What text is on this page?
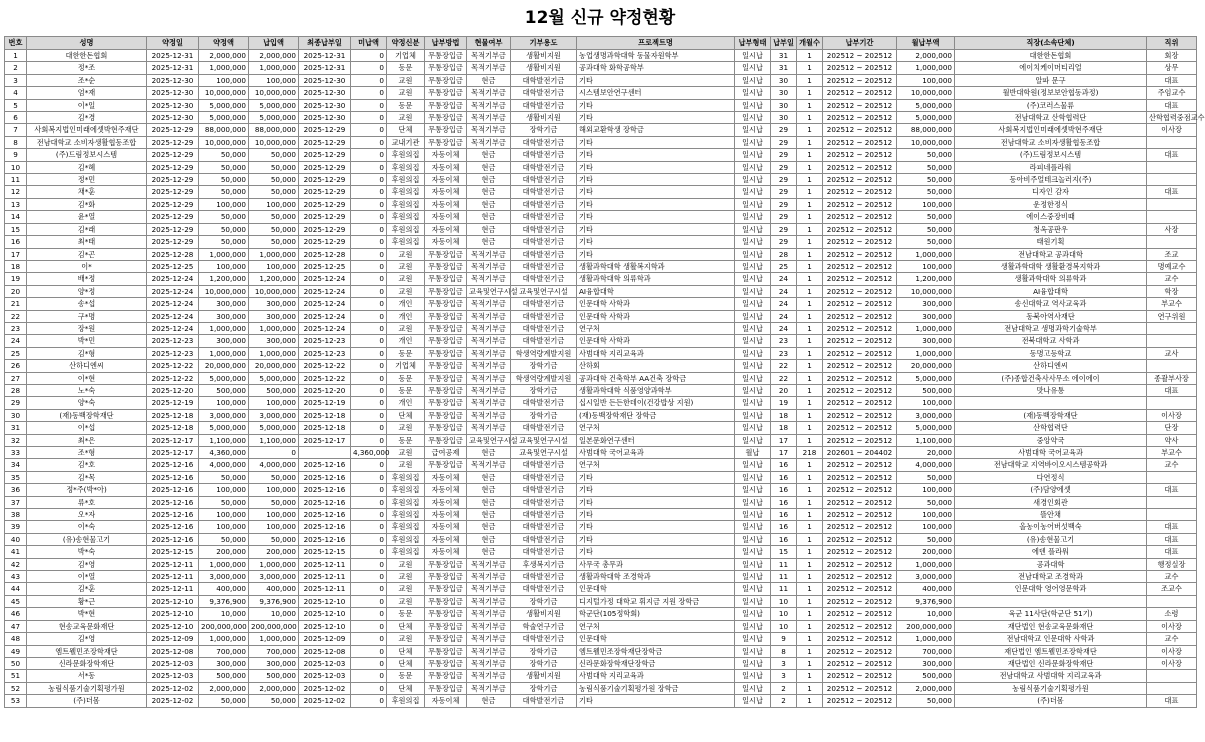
12월 신규 약정현황
번호	성명	약정일	약정액	납입액	최종납부일	미납액	약정신분	납부방법	현물여부	기부용도	프로젝트명	납부형태	납부일	개월수	납부기간	월납부액	직장(소속단체)	직위
1	대한한돈협회	2025-12-31	2,000,000	2,000,000	2025-12-31	0	기업체	무통장입금	목적기부금	생활비지원	농업생명과학대학 동물자원학부	일시납	31	1	202512 ~ 202512	2,000,000	대한한돈협회	회장
2	정*조	2025-12-31	1,000,000	1,000,000	2025-12-31	0	동문	무통장입금	목적기부금	생활비지원	공과대학 화학공학부	일시납	31	1	202512 ~ 202512	1,000,000	에이치케이머티리얼	상무
3	조*순	2025-12-30	100,000	100,000	2025-12-30	0	교원	무통장입금	현금	대학발전기금	기타	일시납	30	1	202512 ~ 202512	100,000	알파 문구	대표
4	엄*재	2025-12-30	10,000,000	10,000,000	2025-12-30	0	교원	무통장입금	목적기부금	대학발전기금	시스템보안연구센터	일시납	30	1	202512 ~ 202512	10,000,000	월반대학원(정보보안협동과정)	주임교수
5	이*일	2025-12-30	5,000,000	5,000,000	2025-12-30	0	동문	무통장입금	목적기부금	대학발전기금	기타	일시납	30	1	202512 ~ 202512	5,000,000	(주)코러스물류	대표
6	김*경	2025-12-30	5,000,000	5,000,000	2025-12-30	0	교원	무통장입금	목적기부금	생활비지원	기타	일시납	30	1	202512 ~ 202512	5,000,000	전남대학교 산학협력단	산학협력중점교수
7	사회복지법인미래에셋박현주재단	2025-12-29	88,000,000	88,000,000	2025-12-29	0	단체	무통장입금	목적기부금	장학기금	해외교환학생 장학금	일시납	29	1	202512 ~ 202512	88,000,000	사회복지법인미래에셋박현주재단	이사장
8	전남대학교 소비자생활협동조합	2025-12-29	10,000,000	10,000,000	2025-12-29	0	교내기관	무통장입금	목적기부금	대학발전기금	기타	일시납	29	1	202512 ~ 202512	10,000,000	전남대학교 소비자생활협동조합	
9	(주)드림정보시스템	2025-12-29	50,000	50,000	2025-12-29	0	후원의집	자동이체	현금	대학발전기금	기타	일시납	29	1	202512 ~ 202512	50,000	(주)드림정보시스템	대표
10	김*혜	2025-12-29	50,000	50,000	2025-12-29	0	후원의집	자동이체	현금	대학발전기금	기타	일시납	29	1	202512 ~ 202512	50,000	라피네플라워	
11	정*민	2025-12-29	50,000	50,000	2025-12-29	0	후원의집	자동이체	현금	대학발전기금	기타	일시납	29	1	202512 ~ 202512	50,000	동아비주얼테크놀러지(주)	
12	채*훈	2025-12-29	50,000	50,000	2025-12-29	0	후원의집	자동이체	현금	대학발전기금	기타	일시납	29	1	202512 ~ 202512	50,000	디자인 감자	대표
13	김*화	2025-12-29	100,000	100,000	2025-12-29	0	후원의집	자동이체	현금	대학발전기금	기타	일시납	29	1	202512 ~ 202512	100,000	운정한정식	
14	윤*열	2025-12-29	50,000	50,000	2025-12-29	0	후원의집	자동이체	현금	대학발전기금	기타	일시납	29	1	202512 ~ 202512	50,000	에이스중장비때	
15	김*래	2025-12-29	50,000	50,000	2025-12-29	0	후원의집	자동이체	현금	대학발전기금	기타	일시납	29	1	202512 ~ 202512	50,000	청옥공판우	사장
16	최*태	2025-12-29	50,000	50,000	2025-12-29	0	후원의집	자동이체	현금	대학발전기금	기타	일시납	29	1	202512 ~ 202512	50,000	태원기획	
17	김*곤	2025-12-28	1,000,000	1,000,000	2025-12-28	0	교원	무통장입금	목적기부금	대학발전기금	기타	일시납	28	1	202512 ~ 202512	1,000,000	전남대학교 공과대학	조교
18	이*	2025-12-25	100,000	100,000	2025-12-25	0	교원	무통장입금	목적기부금	대학발전기금	생활과학대학 생활복지학과	일시납	25	1	202512 ~ 202512	100,000	생활과학대학 생활환경복지학과	명예교수
19	배*정	2025-12-24	1,200,000	1,200,000	2025-12-24	0	교원	무통장입금	목적기부금	대학발전기금	생활과학대학 의류학과	일시납	24	1	202512 ~ 202512	1,200,000	생활과학대학 의류학과	교수
20	양*정	2025-12-24	10,000,000	10,000,000	2025-12-24	0	교원	무통장입금	교육및연구시설	교육및연구시설	AI융합대학	일시납	24	1	202512 ~ 202512	10,000,000	AI융합대학	학장
21	송*섭	2025-12-24	300,000	300,000	2025-12-24	0	개인	무통장입금	목적기부금	대학발전기금	인문대학 사학과	일시납	24	1	202512 ~ 202512	300,000	송신대학교 역사교육과	부교수
22	구*명	2025-12-24	300,000	300,000	2025-12-24	0	개인	무통장입금	목적기부금	대학발전기금	인문대학 사학과	일시납	24	1	202512 ~ 202512	300,000	동북아역사재단	연구위원
23	장*원	2025-12-24	1,000,000	1,000,000	2025-12-24	0	교원	무통장입금	목적기부금	대학발전기금	연구처	일시납	24	1	202512 ~ 202512	1,000,000	전남대학교 생명과학기술학부	
24	박*민	2025-12-23	300,000	300,000	2025-12-23	0	개인	무통장입금	목적기부금	대학발전기금	인문대학 사학과	일시납	23	1	202512 ~ 202512	300,000	전북대학교 사학과	
25	김*형	2025-12-23	1,000,000	1,000,000	2025-12-23	0	동문	무통장입금	목적기부금	학생역량계발지원	사범대학 지리교육과	일시납	23	1	202512 ~ 202512	1,000,000	동명고등학교	교사
26	산하디엔씨	2025-12-22	20,000,000	20,000,000	2025-12-22	0	기업체	무통장입금	목적기부금	장학기금	산하회	일시납	22	1	202512 ~ 202512	20,000,000	산하디엔씨	
27	이*현	2025-12-22	5,000,000	5,000,000	2025-12-22	0	동문	무통장입금	목적기부금	학생역량계발지원	공과대학 건축학부 AA건축 장학금	일시납	22	1	202512 ~ 202512	5,000,000	(주)종합건축사사무소 에이에이	종괄부사장
28	노*숙	2025-12-20	500,000	500,000	2025-12-20	0	동문	무통장입금	목적기부금	장학기금	생활과학대학 식품영양과학부	일시납	20	1	202512 ~ 202512	500,000	맛나유통	대표
29	양*숙	2025-12-19	100,000	100,000	2025-12-19	0	개인	무통장입금	목적기부금	대학발전기금	십시일반 든든한데이(건강밥상 지원)	일시납	19	1	202512 ~ 202512	100,000		
30	(재)동백장학재단	2025-12-18	3,000,000	3,000,000	2025-12-18	0	단체	무통장입금	목적기부금	장학기금	(재)동백장학재단 장학금	일시납	18	1	202512 ~ 202512	3,000,000	(재)동백장학재단	이사장
31	이*섭	2025-12-18	5,000,000	5,000,000	2025-12-18	0	교원	무통장입금	목적기부금	대학발전기금	연구처	일시납	18	1	202512 ~ 202512	5,000,000	산학협력단	단장
32	최*은	2025-12-17	1,100,000	1,100,000	2025-12-17	0	동문	무통장입금	교육및연구시설	교육및연구시설	일본문화연구센터	일시납	17	1	202512 ~ 202512	1,100,000	중앙약국	약사
33	조*형	2025-12-17	4,360,000	0		4,360,000	교원	급여공제	현금	교육및연구시설	사범대학 국어교육과	월납	17	218	202601 ~ 204402	20,000	사범대학 국어교육과	부교수
34	김*호	2025-12-16	4,000,000	4,000,000	2025-12-16	0	교원	무통장입금	목적기부금	대학발전기금	연구처	일시납	16	1	202512 ~ 202512	4,000,000	전남대학교 지역바이오시스템공학과	교수
35	김*목	2025-12-16	50,000	50,000	2025-12-16	0	후원의집	자동이체	현금	대학발전기금	기타	일시납	16	1	202512 ~ 202512	50,000	다연정식	
36	정*주(박*아)	2025-12-16	100,000	100,000	2025-12-16	0	후원의집	자동이체	현금	대학발전기금	기타	일시납	16	1	202512 ~ 202512	100,000	(주)담양에셋	대표
37	류*호	2025-12-16	50,000	50,000	2025-12-16	0	후원의집	자동이체	현금	대학발전기금	기타	일시납	16	1	202512 ~ 202512	50,000	새경인회관	
38	오*자	2025-12-16	100,000	100,000	2025-12-16	0	후원의집	자동이체	현금	대학발전기금	기타	일시납	16	1	202512 ~ 202512	100,000	뜰안채	
39	이*숙	2025-12-16	100,000	100,000	2025-12-16	0	후원의집	자동이체	현금	대학발전기금	기타	일시납	16	1	202512 ~ 202512	100,000	올농이농어버섯백숙	대표
40	(유)송현물고기	2025-12-16	50,000	50,000	2025-12-16	0	후원의집	자동이체	현금	대학발전기금	기타	일시납	16	1	202512 ~ 202512	50,000	(유)송현물고기	대표
41	박*숙	2025-12-15	200,000	200,000	2025-12-15	0	후원의집	자동이체	현금	대학발전기금	기타	일시납	15	1	202512 ~ 202512	200,000	에덴 플라워	대표
42	김*영	2025-12-11	1,000,000	1,000,000	2025-12-11	0	교원	무통장입금	목적기부금	후생복지기금	사무국 총무과	일시납	11	1	202512 ~ 202512	1,000,000	공과대학	행정실장
43	이*열	2025-12-11	3,000,000	3,000,000	2025-12-11	0	교원	무통장입금	목적기부금	대학발전기금	생활과학대학 조경학과	일시납	11	1	202512 ~ 202512	3,000,000	전남대학교 조경학과	교수
44	김*훈	2025-12-11	400,000	400,000	2025-12-11	0	교원	무통장입금	목적기부금	대학발전기금	인문대학	일시납	11	1	202512 ~ 202512	400,000	인문대학 영어영문학과	조교수
45	황*근	2025-12-10	9,376,900	9,376,900	2025-12-10	0	교원	무통장입금	목적기부금	장학기금	디지털가정 대학교 휘지금 지원 장학금	일시납	10	1	202512 ~ 202512	9,376,900		
46	박*현	2025-12-10	10,000	10,000	2025-12-10	0	동문	무통장입금	목적기부금	생활비지원	학군단(105정학회)	일시납	10	1	202512 ~ 202512	10,000	육군 11사단(학군단 51기)	소령
47	현송교육문화재단	2025-12-10	200,000,000	200,000,000	2025-12-10	0	단체	무통장입금	목적기부금	학술연구기금	연구처	일시납	10	1	202512 ~ 202512	200,000,000	재단법인 현송교육문화재단	이사장
48	김*영	2025-12-09	1,000,000	1,000,000	2025-12-09	0	교원	무통장입금	목적기부금	대학발전기금	인문대학	일시납	9	1	202512 ~ 202512	1,000,000	전남대학교 인문대학 사학과	교수
49	엠트웰민조장학재단	2025-12-08	700,000	700,000	2025-12-08	0	단체	무통장입금	목적기부금	장학기금	엠트웰민조장학재단장학금	일시납	8	1	202512 ~ 202512	700,000	재단법인 엠트웰민조장학재단	이사장
50	신라문화장학재단	2025-12-03	300,000	300,000	2025-12-03	0	단체	무통장입금	목적기부금	장학기금	신라문화장학재단장학금	일시납	3	1	202512 ~ 202512	300,000	재단법인 신라문화장학재단	이사장
51	서*동	2025-12-03	500,000	500,000	2025-12-03	0	동문	무통장입금	목적기부금	생활비지원	사범대학 지리교육과	일시납	3	1	202512 ~ 202512	500,000	전남대학교 사범대학 지리교육과	
52	농림식품기술기획평가원	2025-12-02	2,000,000	2,000,000	2025-12-02	0	단체	무통장입금	목적기부금	장학기금	농림식품기술기획평가원 장학금	일시납	2	1	202512 ~ 202512	2,000,000	농림식품기술기획평가원	
53	(주)더몸	2025-12-02	50,000	50,000	2025-12-02	0	후원의집	자동이체	현금	대학발전기금	기타	일시납	2	1	202512 ~ 202512	50,000	(주)더몸	대표
